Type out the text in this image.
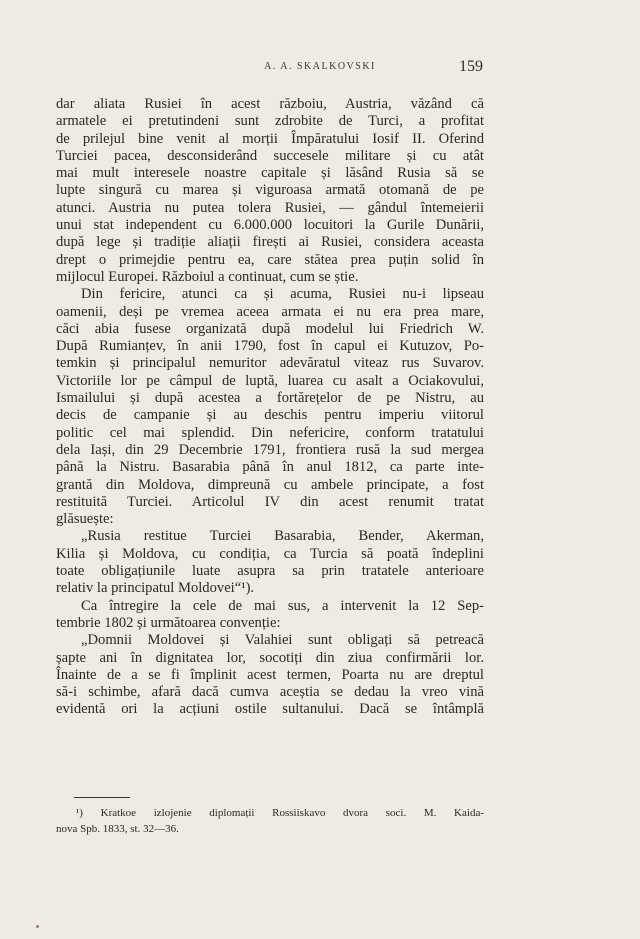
A. A. SKALKOVSKI	159
dar aliata Rusiei în acest războiu, Austria, văzând că
armatele ei pretutindeni sunt zdrobite de Turci, a profitat
de prilejul bine venit al morții Împăratului Iosif II. Oferind
Turciei pacea, desconsiderând succesele militare și cu atât
mai mult interesele noastre capitale și lăsând Rusia să se
lupte singură cu marea și viguroasa armată otomană de pe
atunci. Austria nu putea tolera Rusiei, — gândul întemeierii
unui stat independent cu 6.000.000 locuitori la Gurile Dunării,
după lege și tradiție aliații firești ai Rusiei, considera aceasta
drept o primejdie pentru ea, care stătea prea puțin solid în
mijlocul Europei. Războiul a continuat, cum se știe.
Din fericire, atunci ca și acuma, Rusiei nu-i lipseau
oamenii, deși pe vremea aceea armata ei nu era prea mare,
căci abia fusese organizată după modelul lui Friedrich W.
După Rumianțev, în anii 1790, fost în capul ei Kutuzov, Po-
temkin și principalul nemuritor adevăratul viteaz rus Suvarov.
Victoriile lor pe câmpul de luptă, luarea cu asalt a Ociakovului,
Ismailului și după acestea a fortărețelor de pe Nistru, au
decis de campanie și au deschis pentru imperiu viitorul
politic cel mai splendid. Din nefericire, conform tratatului
dela Iași, din 29 Decembrie 1791, frontiera rusă la sud mergea
până la Nistru. Basarabia până în anul 1812, ca parte inte-
grantă din Moldova, dimpreună cu ambele principate, a fost
restituită Turciei. Articolul IV din acest renumit tratat
glăsuește:
„Rusia restitue Turciei Basarabia, Bender, Akerman,
Kilia și Moldova, cu condiția, ca Turcia să poată îndeplini
toate obligațiunile luate asupra sa prin tratatele anterioare
relativ la principatul Moldovei“¹).
Ca întregire la cele de mai sus, a intervenit la 12 Sep-
tembrie 1802 și următoarea convenție:
„Domnii Moldovei și Valahiei sunt obligați să petreacă
șapte ani în dignitatea lor, socotiți din ziua confirmării lor.
Înainte de a se fi împlinit acest termen, Poarta nu are dreptul
să-i schimbe, afară dacă cumva aceștia se dedau la vreo vină
evidentă ori la acțiuni ostile sultanului. Dacă se întâmplă
¹) Kratkoe izlojenie diplomații Rossiiskavo dvora soci. M. Kaida-
nova Spb. 1833, st. 32—36.
